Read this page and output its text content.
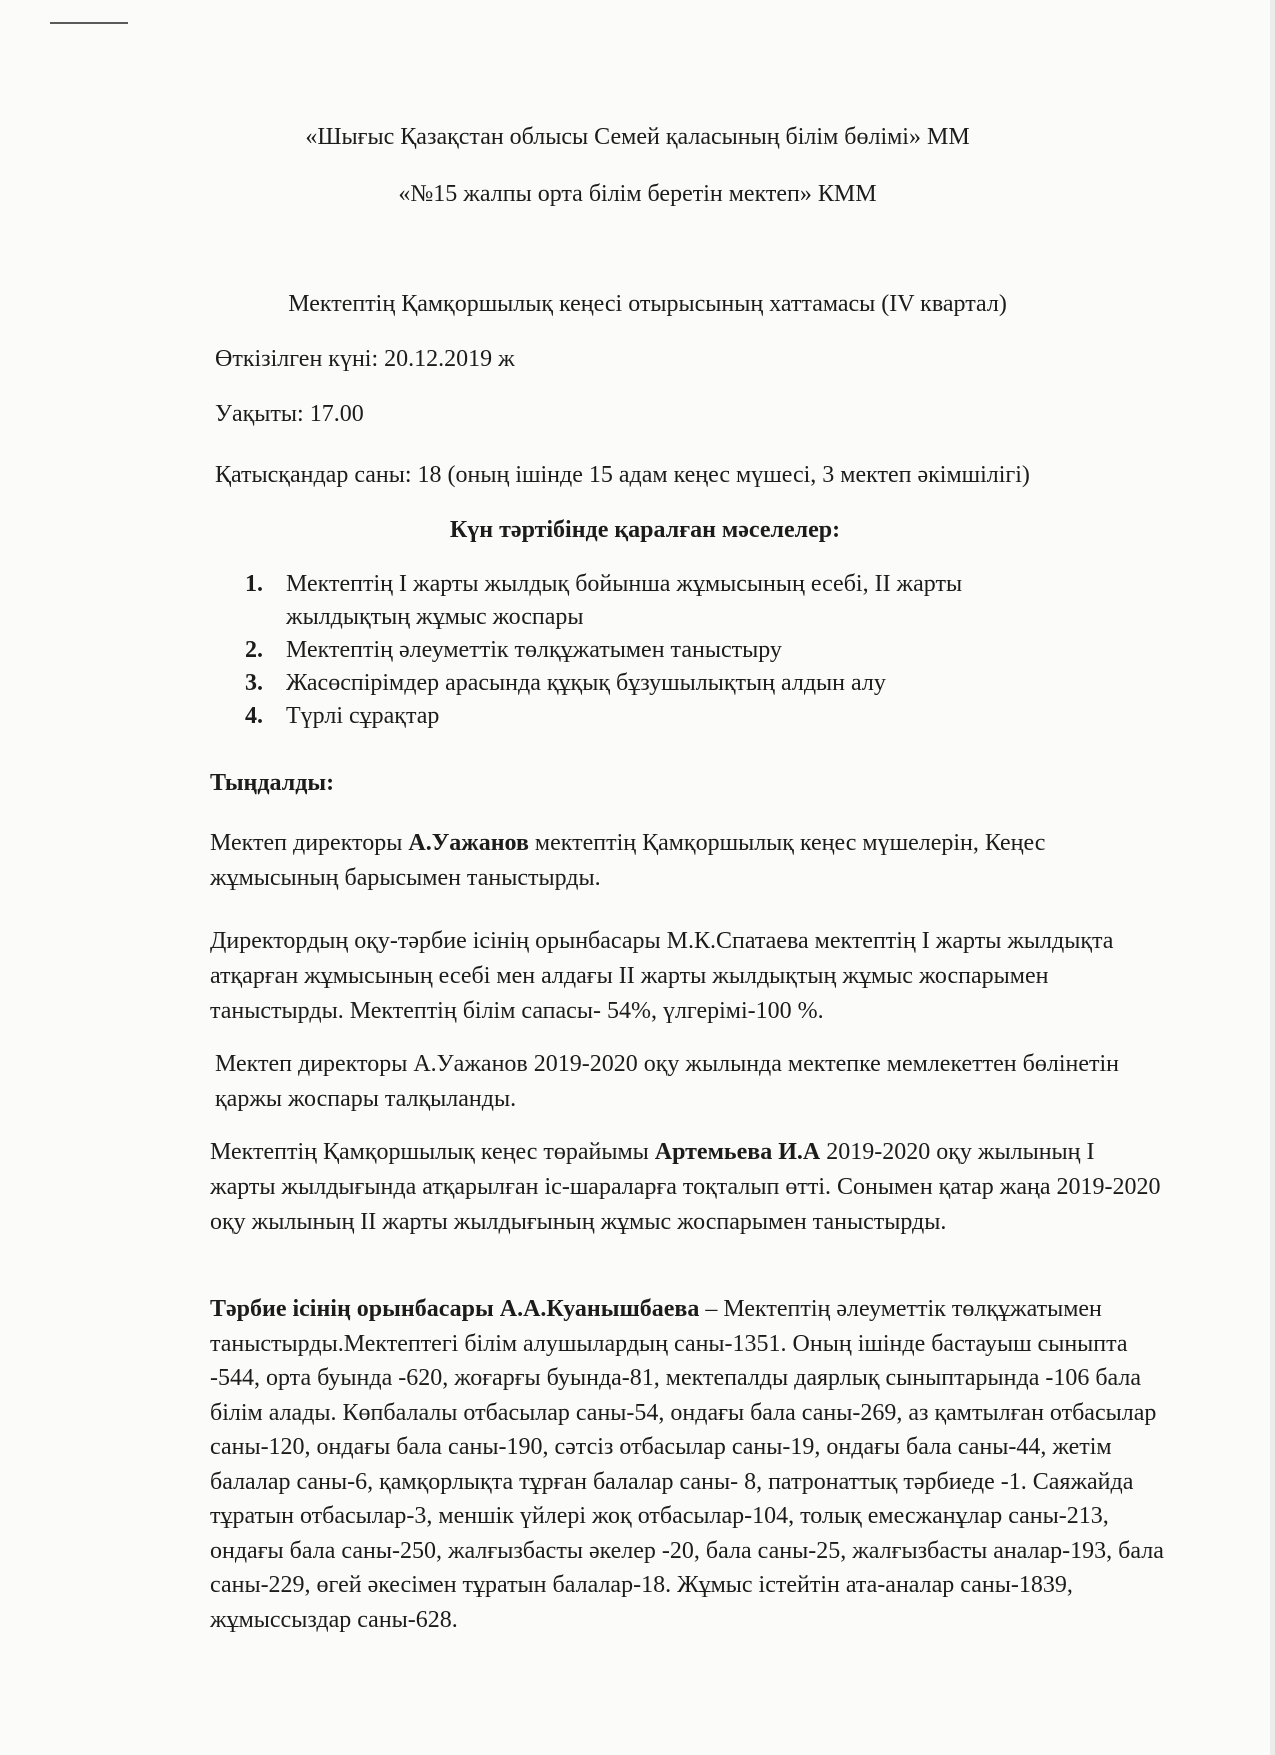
«Шығыс Қазақстан облысы Семей қаласының білім бөлімі» ММ
«№15 жалпы орта білім беретін мектеп» КММ
Мектептің Қамқоршылық кеңесі отырысының хаттамасы (IV квартал)
Өткізілген күні: 20.12.2019 ж
Уақыты: 17.00
Қатысқандар саны: 18 (оның ішінде 15 адам кеңес мүшесі, 3 мектеп әкімшілігі)
Күн тәртібінде қаралған мәселелер:
1. Мектептің І жарты жылдық бойынша жұмысының есебі, ІІ жарты
жылдықтың жұмыс жоспары
2. Мектептің әлеуметтік төлқұжатымен таныстыру
3. Жасөспірімдер арасында құқық бұзушылықтың алдын алу
4. Түрлі сұрақтар
Тыңдалды:

Мектеп директоры А.Уажанов мектептің Қамқоршылық кеңес мүшелерін, Кеңес жұмысының барысымен таныстырды.

Директордың оқу-тәрбие ісінің орынбасары М.К.Спатаева мектептің І жарты жылдықта атқарған жұмысының есебі мен алдағы ІІ жарты жылдықтың жұмыс жоспарымен таныстырды. Мектептің білім сапасы- 54%, үлгерімі-100 %.

Мектеп директоры А.Уажанов 2019-2020 оқу жылында мектепке мемлекеттен бөлінетін қаржы жоспары талқыланды.

Мектептің Қамқоршылық кеңес төрайымы Артемьева И.А 2019-2020 оқу жылының І жарты жылдығында атқарылған іс-шараларға тоқталып өтті. Сонымен қатар жаңа 2019-2020 оқу жылының ІІ жарты жылдығының жұмыс жоспарымен таныстырды.

Тәрбие ісінің орынбасары А.А.Куанышбаева – Мектептің әлеуметтік төлқұжатымен таныстырды.Мектептегі білім алушылардың саны-1351. Оның ішінде бастауыш сыныпта -544, орта буында -620, жоғарғы буында-81, мектепалды даярлық сыныптарында -106 бала білім алады. Көпбалалы отбасылар саны-54, ондағы бала саны-269, аз қамтылған отбасылар саны-120, ондағы бала саны-190, сәтсіз отбасылар саны-19, ондағы бала саны-44, жетім балалар саны-6, қамқорлықта тұрған балалар саны- 8, патронаттық тәрбиеде -1. Саяжайда тұратын отбасылар-3, меншік үйлері жоқ отбасылар-104, толық емесжанұлар саны-213, ондағы бала саны-250, жалғызбасты әкелер -20, бала саны-25, жалғызбасты аналар-193, бала саны-229, өгей әкесімен тұратын балалар-18. Жұмыс істейтін ата-аналар саны-1839, жұмыссыздар саны-628.
